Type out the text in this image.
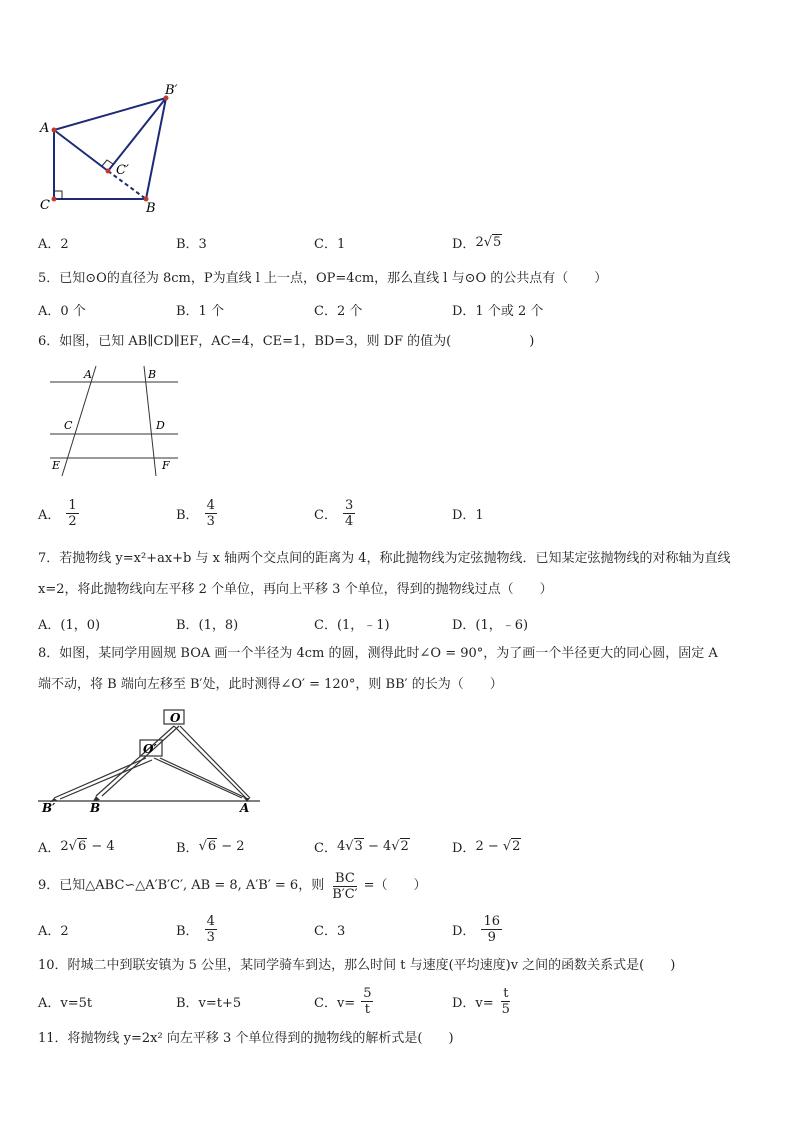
A
B′
C′
C	B
A．2	B．3	C．1	D． 2 √ 5
5．已知⊙O的直径为 8cm，P为直线 l 上一点，OP=4cm，那么直线 l 与⊙O 的公共点有（　　）
A．0 个	B．1 个	C．2 个	D．1 个或 2 个
6．如图，已知 AB∥CD∥EF，AC=4，CE=1，BD=3，则 DF 的值为(　　　　　　)
A	B
C	D
E	F
A． $\frac{1}{2}$	B． $\frac{4}{3}$	C． $\frac{3}{4}$	D．1
7．若抛物线 y=x²+ax+b 与 x 轴两个交点间的距离为 4，称此抛物线为定弦抛物线．已知某定弦抛物线的对称轴为直线
x=2，将此抛物线向左平移 2 个单位，再向上平移 3 个单位，得到的抛物线过点（　　）
A．(1，0)	B．(1，8)	C．(1，﹣1)	D．(1，﹣6)
8．如图，某同学用圆规 BOA 画一个半径为 4cm 的圆，测得此时∠O = 90°，为了画一个半径更大的同心圆，固定 A
端不动，将 B 端向左移至 B′处，此时测得∠O′ = 120°，则 BB′ 的长为（　　）
O
O′
B′	B	A
A． 2 √ 6 − 4	B． √ 6 − 2	C． 4 √ 3 − 4 √ 2	D． 2 − √ 2
9．已知△ABC∽△A′B′C′, AB = 8, A′B′ = 6，则 $\frac{BC}{B'C'}$ =（　　）
A．2	B． $\frac{4}{3}$	C．3	D． $\frac{16}{9}$
10．附城二中到联安镇为 5 公里，某同学骑车到达，那么时间 t 与速度(平均速度)v 之间的函数关系式是(　　)
A．v=5t	B．v=t+5	C．$v= \frac{5}{t}$	D．$v= \frac{t}{5}$
11．将抛物线 y=2x² 向左平移 3 个单位得到的抛物线的解析式是(　　)
